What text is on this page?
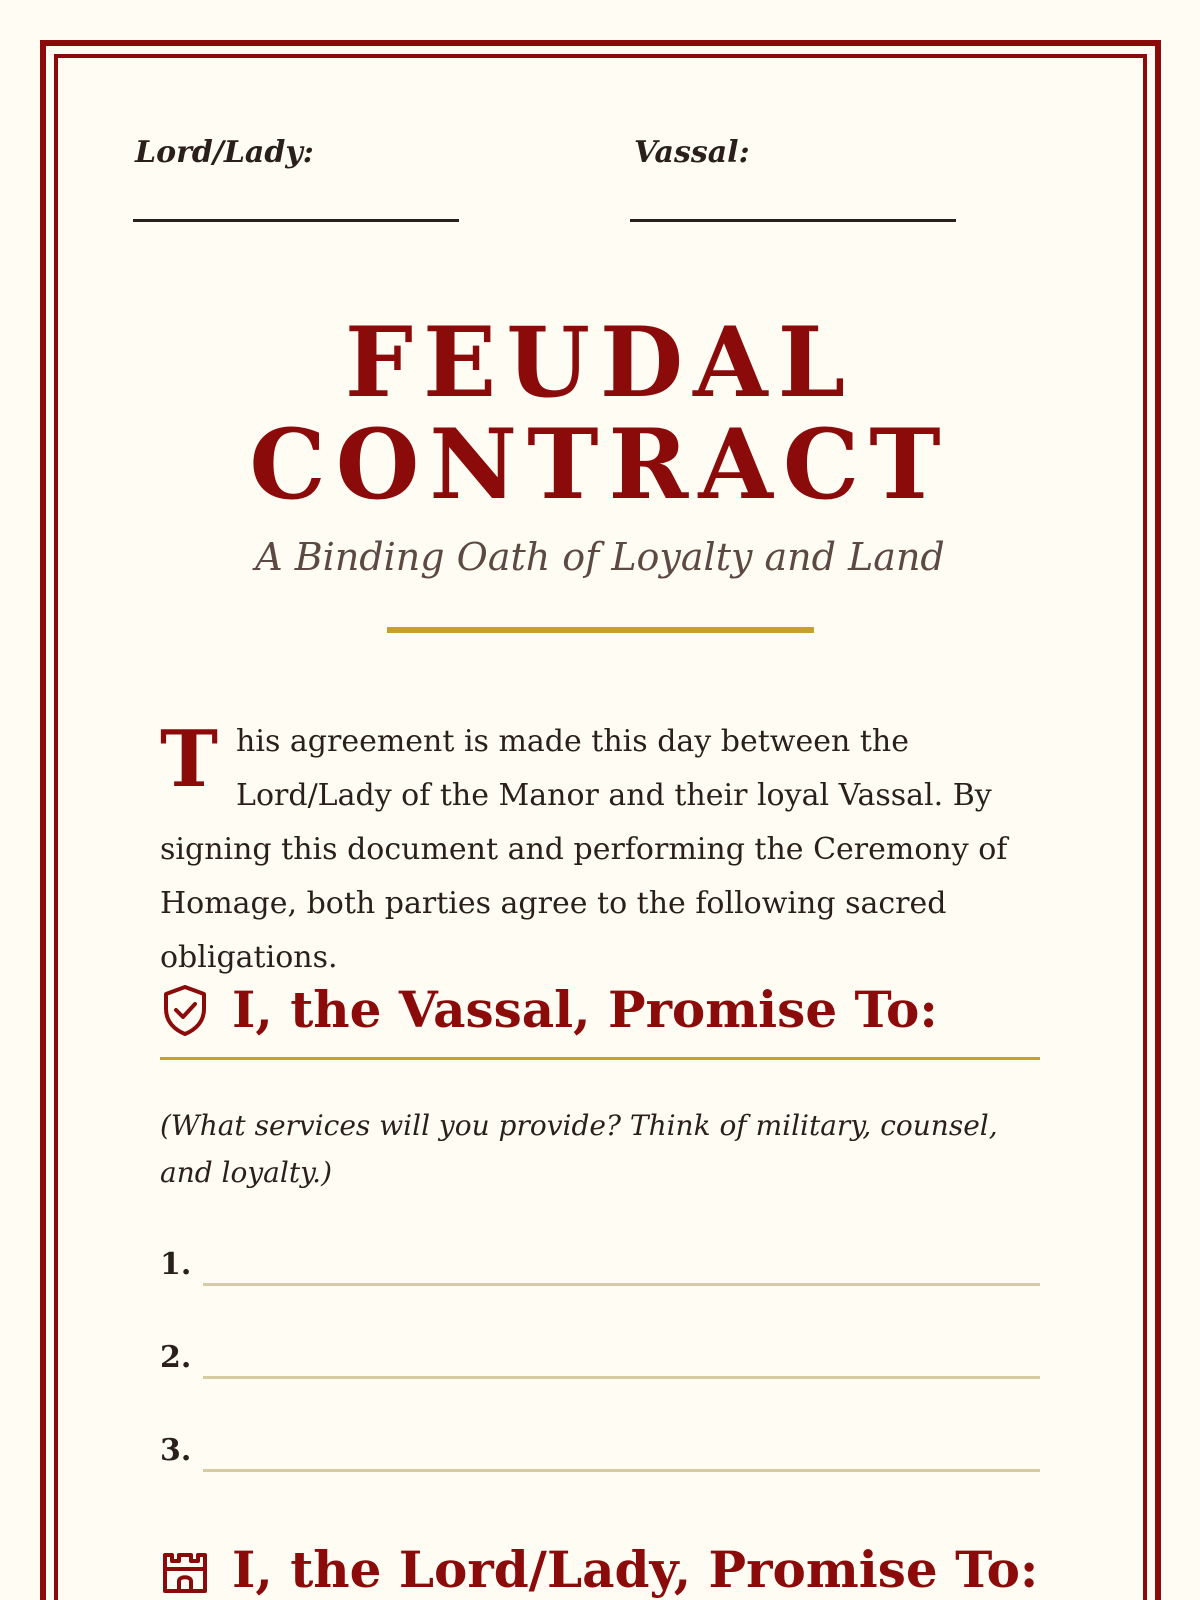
Lord/Lady:	Vassal:
FEUDAL
CONTRACT
A Binding Oath of Loyalty and Land
T his agreement is made this day between the Lord/Lady of the Manor and their loyal Vassal. By signing this document and performing the Ceremony of Homage, both parties agree to the following sacred obligations.
I, the Vassal, Promise To:
(What services will you provide? Think of military, counsel, and loyalty.)
1.
2.
3.
I, the Lord/Lady, Promise To:
